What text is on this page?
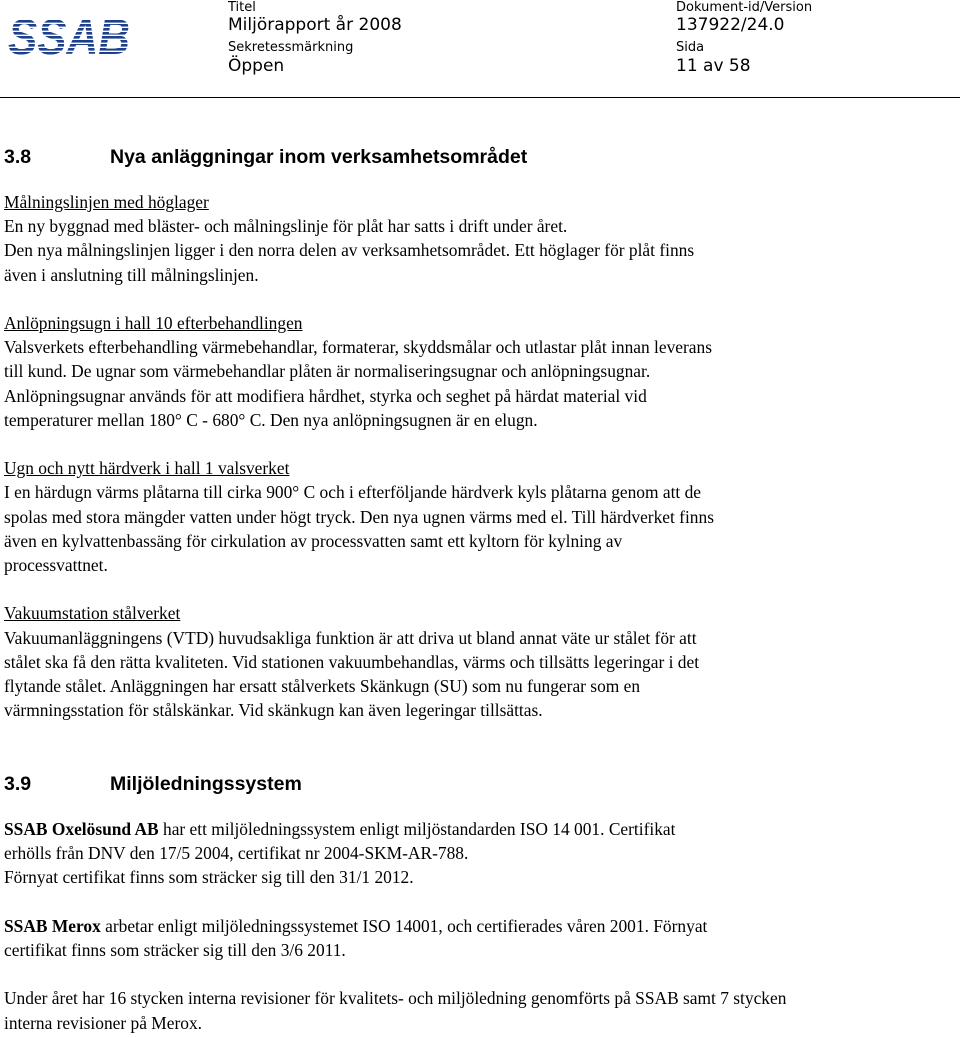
SSAB
Titel
Miljörapport år 2008
Sekretessmärkning
Öppen
Dokument-id/Version
137922/24.0
Sida
11 av 58
3.8	Nya anläggningar inom verksamhetsområdet

Målningslinjen med höglager
En ny byggnad med bläster- och målningslinje för plåt har satts i drift under året.
Den nya målningslinjen ligger i den norra delen av verksamhetsområdet. Ett höglager för plåt finns
även i anslutning till målningslinjen.

Anlöpningsugn i hall 10 efterbehandlingen
Valsverkets efterbehandling värmebehandlar, formaterar, skyddsmålar och utlastar plåt innan leverans
till kund. De ugnar som värmebehandlar plåten är normaliseringsugnar och anlöpningsugnar.
Anlöpningsugnar används för att modifiera hårdhet, styrka och seghet på härdat material vid
temperaturer mellan 180° C - 680° C. Den nya anlöpningsugnen är en elugn.

Ugn och nytt härdverk i hall 1 valsverket
I en härdugn värms plåtarna till cirka 900° C och i efterföljande härdverk kyls plåtarna genom att de
spolas med stora mängder vatten under högt tryck. Den nya ugnen värms med el. Till härdverket finns
även en kylvattenbassäng för cirkulation av processvatten samt ett kyltorn för kylning av
processvattnet.

Vakuumstation stålverket
Vakuumanläggningens (VTD) huvudsakliga funktion är att driva ut bland annat väte ur stålet för att
stålet ska få den rätta kvaliteten. Vid stationen vakuumbehandlas, värms och tillsätts legeringar i det
flytande stålet. Anläggningen har ersatt stålverkets Skänkugn (SU) som nu fungerar som en
värmningsstation för stålskänkar. Vid skänkugn kan även legeringar tillsättas.

3.9	Miljöledningssystem

SSAB Oxelösund AB har ett miljöledningssystem enligt miljöstandarden ISO 14 001. Certifikat
erhölls från DNV den 17/5 2004, certifikat nr 2004-SKM-AR-788.
Förnyat certifikat finns som sträcker sig till den 31/1 2012.

SSAB Merox arbetar enligt miljöledningssystemet ISO 14001, och certifierades våren 2001. Förnyat
certifikat finns som sträcker sig till den 3/6 2011.

Under året har 16 stycken interna revisioner för kvalitets- och miljöledning genomförts på SSAB samt 7 stycken
interna revisioner på Merox.
